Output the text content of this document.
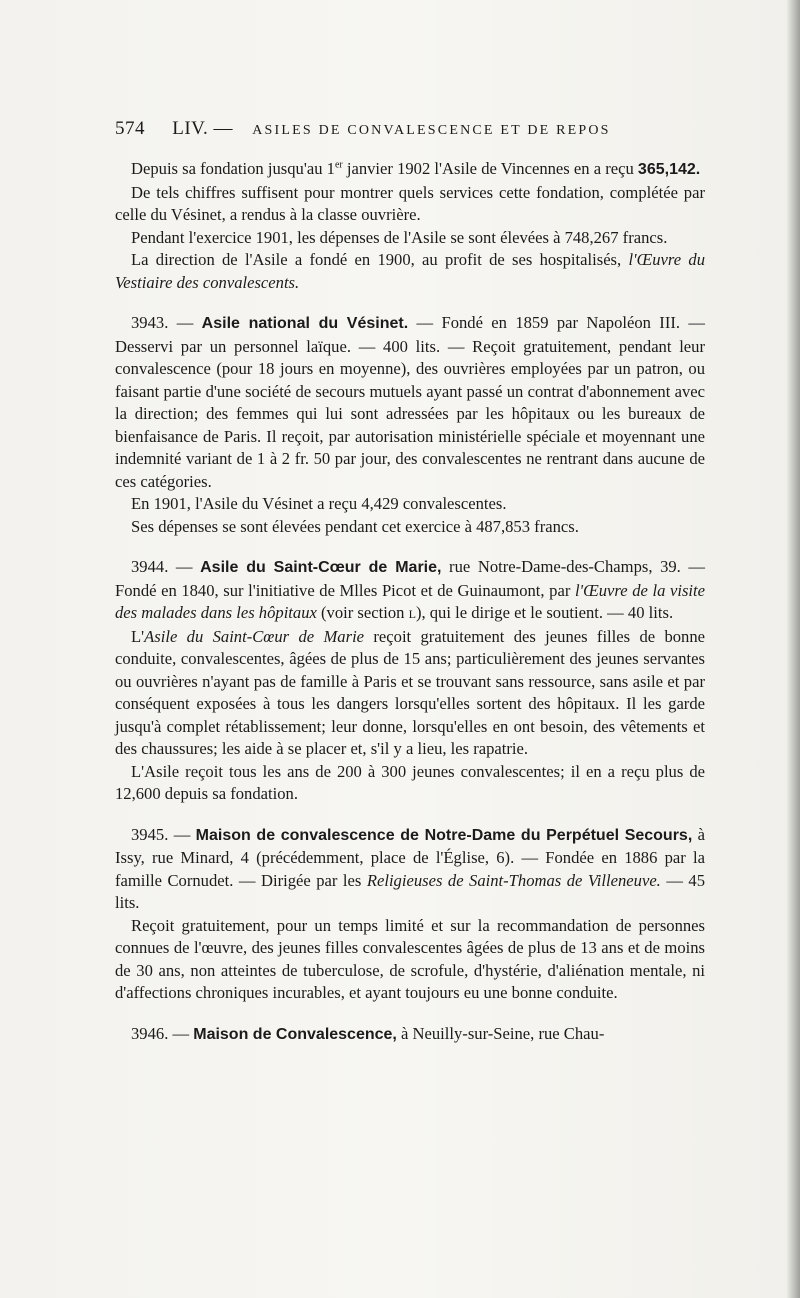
574 LIV. — ASILES DE CONVALESCENCE ET DE REPOS

Depuis sa fondation jusqu'au 1er janvier 1902 l'Asile de Vincennes en a reçu 365,142.

De tels chiffres suffisent pour montrer quels services cette fondation, complétée par celle du Vésinet, a rendus à la classe ouvrière.

Pendant l'exercice 1901, les dépenses de l'Asile se sont élevées à 748,267 francs.

La direction de l'Asile a fondé en 1900, au profit de ses hospitalisés, l'Œuvre du Vestiaire des convalescents.

3943. — Asile national du Vésinet. — Fondé en 1859 par Napoléon III. — Desservi par un personnel laïque. — 400 lits. — Reçoit gratuitement, pendant leur convalescence (pour 18 jours en moyenne), des ouvrières employées par un patron, ou faisant partie d'une société de secours mutuels ayant passé un contrat d'abonnement avec la direction; des femmes qui lui sont adressées par les hôpitaux ou les bureaux de bienfaisance de Paris. Il reçoit, par autorisation ministérielle spéciale et moyennant une indemnité variant de 1 à 2 fr. 50 par jour, des convalescentes ne rentrant dans aucune de ces catégories.

En 1901, l'Asile du Vésinet a reçu 4,429 convalescentes.

Ses dépenses se sont élevées pendant cet exercice à 487,853 francs.

3944. — Asile du Saint-Cœur de Marie, rue Notre-Dame-des-Champs, 39. — Fondé en 1840, sur l'initiative de Mlles Picot et de Guinaumont, par l'Œuvre de la visite des malades dans les hôpitaux (voir section L), qui le dirige et le soutient. — 40 lits.

L'Asile du Saint-Cœur de Marie reçoit gratuitement des jeunes filles de bonne conduite, convalescentes, âgées de plus de 15 ans; particulièrement des jeunes servantes ou ouvrières n'ayant pas de famille à Paris et se trouvant sans ressource, sans asile et par conséquent exposées à tous les dangers lorsqu'elles sortent des hôpitaux. Il les garde jusqu'à complet rétablissement; leur donne, lorsqu'elles en ont besoin, des vêtements et des chaussures; les aide à se placer et, s'il y a lieu, les rapatrie.

L'Asile reçoit tous les ans de 200 à 300 jeunes convalescentes; il en a reçu plus de 12,600 depuis sa fondation.

3945. — Maison de convalescence de Notre-Dame du Perpétuel Secours, à Issy, rue Minard, 4 (précédemment, place de l'Église, 6). — Fondée en 1886 par la famille Cornudet. — Dirigée par les Religieuses de Saint-Thomas de Villeneuve. — 45 lits.

Reçoit gratuitement, pour un temps limité et sur la recommandation de personnes connues de l'œuvre, des jeunes filles convalescentes âgées de plus de 13 ans et de moins de 30 ans, non atteintes de tuberculose, de scrofule, d'hystérie, d'aliénation mentale, ni d'affections chroniques incurables, et ayant toujours eu une bonne conduite.

3946. — Maison de Convalescence, à Neuilly-sur-Seine, rue Chau-
